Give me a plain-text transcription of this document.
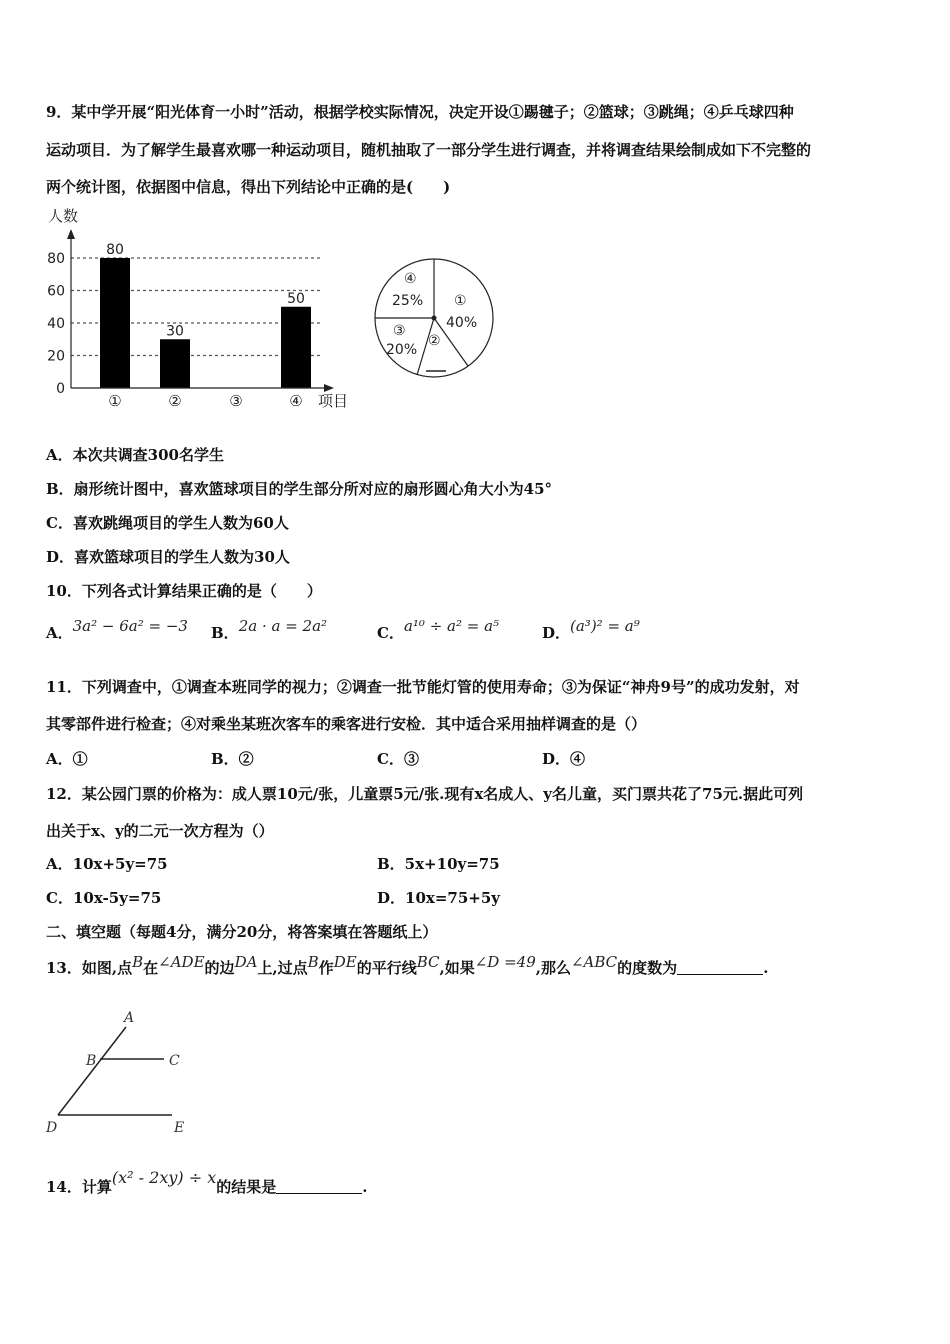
9．某中学开展“阳光体育一小时”活动，根据学校实际情况，决定开设①踢毽子；②篮球；③跳绳；④乒乓球四种
运动项目．为了解学生最喜欢哪一种运动项目，随机抽取了一部分学生进行调查，并将调查结果绘制成如下不完整的
两个统计图，依据图中信息，得出下列结论中正确的是(　　)
人数
0
20
40
60
80
80
①
30
②	③
50
④ 项目
④
25% ①
40%
③
20%
②
A．本次共调查300名学生
B．扇形统计图中，喜欢篮球项目的学生部分所对应的扇形圆心角大小为45°
C．喜欢跳绳项目的学生人数为60人
D．喜欢篮球项目的学生人数为30人
10．下列各式计算结果正确的是（　　）
A．3a² − 6a² = −3 B．2a · a = 2a²	C．a¹⁰ ÷ a² = a⁵	D．(a³)² = a⁹
11．下列调查中，①调查本班同学的视力；②调查一批节能灯管的使用寿命；③为保证“神舟9号”的成功发射，对
其零部件进行检查；④对乘坐某班次客车的乘客进行安检．其中适合采用抽样调查的是（）
A．①	B．②	C．③	D．④
12．某公园门票的价格为：成人票10元/张，儿童票5元/张.现有x名成人、y名儿童，买门票共花了75元.据此可列
出关于x、y的二元一次方程为（）
A．10x+5y=75	B．5x+10y=75
C．10x-5y=75	D．10x=75+5y
二、填空题（每题4分，满分20分，将答案填在答题纸上）
13．如图,点B在∠ADE的边DA上,过点B作DE的平行线BC,如果∠D =49,那么∠ABC的度数为	.
A
B	C
D	E
14．计算(x² - 2xy) ÷ x的结果是	.
